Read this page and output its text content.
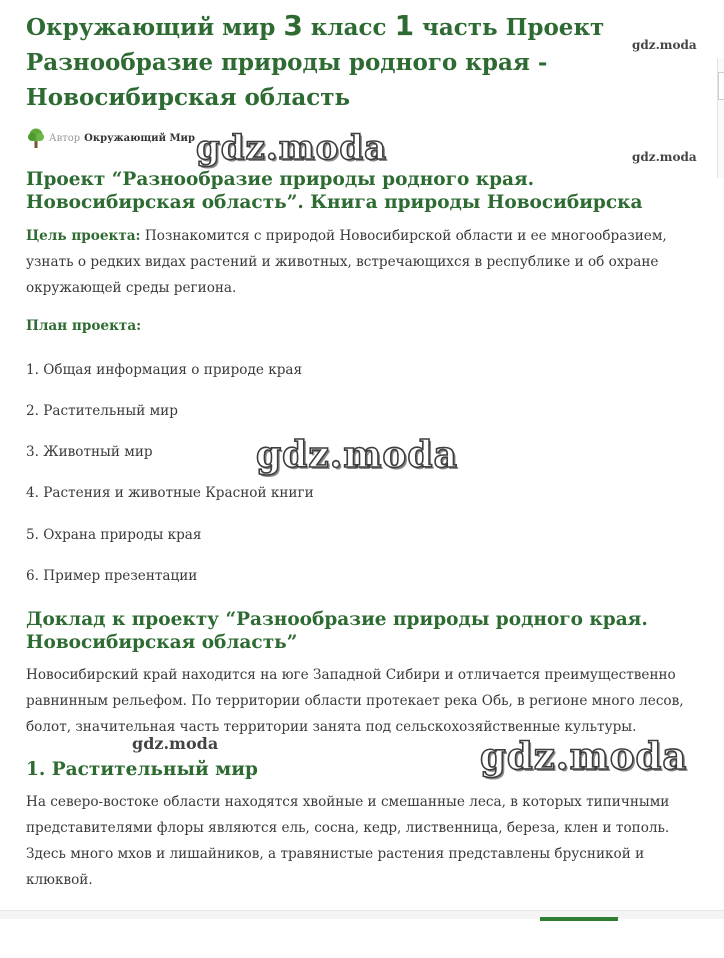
Окружающий мир 3 класс 1 часть Проект Разнообразие природы родного края - Новосибирская область
Автор Окружающий Мир
Проект “Разнообразие природы родного края. Новосибирская область”. Книга природы Новосибирска

Цель проекта: Познакомится с природой Новосибирской области и ее многообразием, узнать о редких видах растений и животных, встречающихся в республике и об охране окружающей среды региона.

План проекта:
1. Общая информация о природе края
2. Растительный мир
3. Животный мир
4. Растения и животные Красной книги
5. Охрана природы края
6. Пример презентации
Доклад к проекту “Разнообразие природы родного края. Новосибирская область”

Новосибирский край находится на юге Западной Сибири и отличается преимущественно равнинным рельефом. По территории области протекает река Обь, в регионе много лесов, болот, значительная часть территории занята под сельскохозяйственные культуры.

1. Растительный мир

На северо-востоке области находятся хвойные и смешанные леса, в которых типичными представителями флоры являются ель, сосна, кедр, лиственница, береза, клен и тополь. Здесь много мхов и лишайников, а травянистые растения представлены брусникой и клюквой.

gdz.moda
gdz.moda
gdz.moda
gdz.moda
gdz.moda	gdz.moda
